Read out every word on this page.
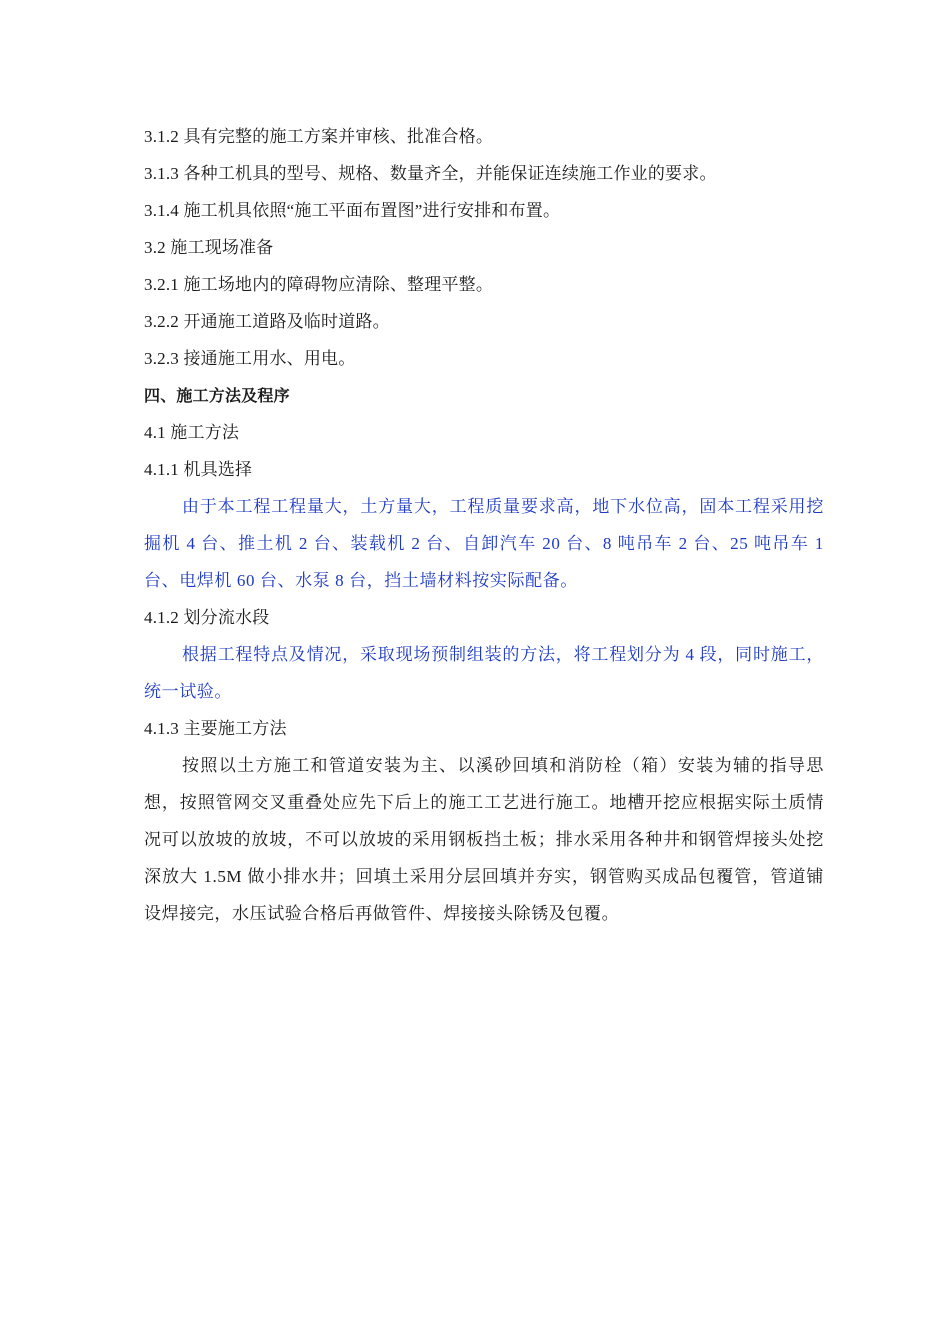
3.1.2 具有完整的施工方案并审核、批准合格。
3.1.3 各种工机具的型号、规格、数量齐全，并能保证连续施工作业的要求。
3.1.4 施工机具依照“施工平面布置图”进行安排和布置。
3.2 施工现场准备
3.2.1 施工场地内的障碍物应清除、整理平整。
3.2.2 开通施工道路及临时道路。
3.2.3 接通施工用水、用电。
四、施工方法及程序
4.1 施工方法
4.1.1 机具选择

由于本工程工程量大，土方量大，工程质量要求高，地下水位高，固本工程采用挖掘机 4 台、推土机 2 台、装载机 2 台、自卸汽车 20 台、8 吨吊车 2 台、25 吨吊车 1 台、电焊机 60 台、水泵 8 台，挡土墙材料按实际配备。

4.1.2 划分流水段

根据工程特点及情况，采取现场预制组装的方法，将工程划分为 4 段，同时施工，统一试验。

4.1.3 主要施工方法

按照以土方施工和管道安装为主、以溪砂回填和消防栓（箱）安装为辅的指导思想，按照管网交叉重叠处应先下后上的施工工艺进行施工。地槽开挖应根据实际土质情况可以放坡的放坡，不可以放坡的采用钢板挡土板；排水采用各种井和钢管焊接头处挖深放大 1.5M 做小排水井；回填土采用分层回填并夯实，钢管购买成品包覆管，管道铺设焊接完，水压试验合格后再做管件、焊接接头除锈及包覆。
